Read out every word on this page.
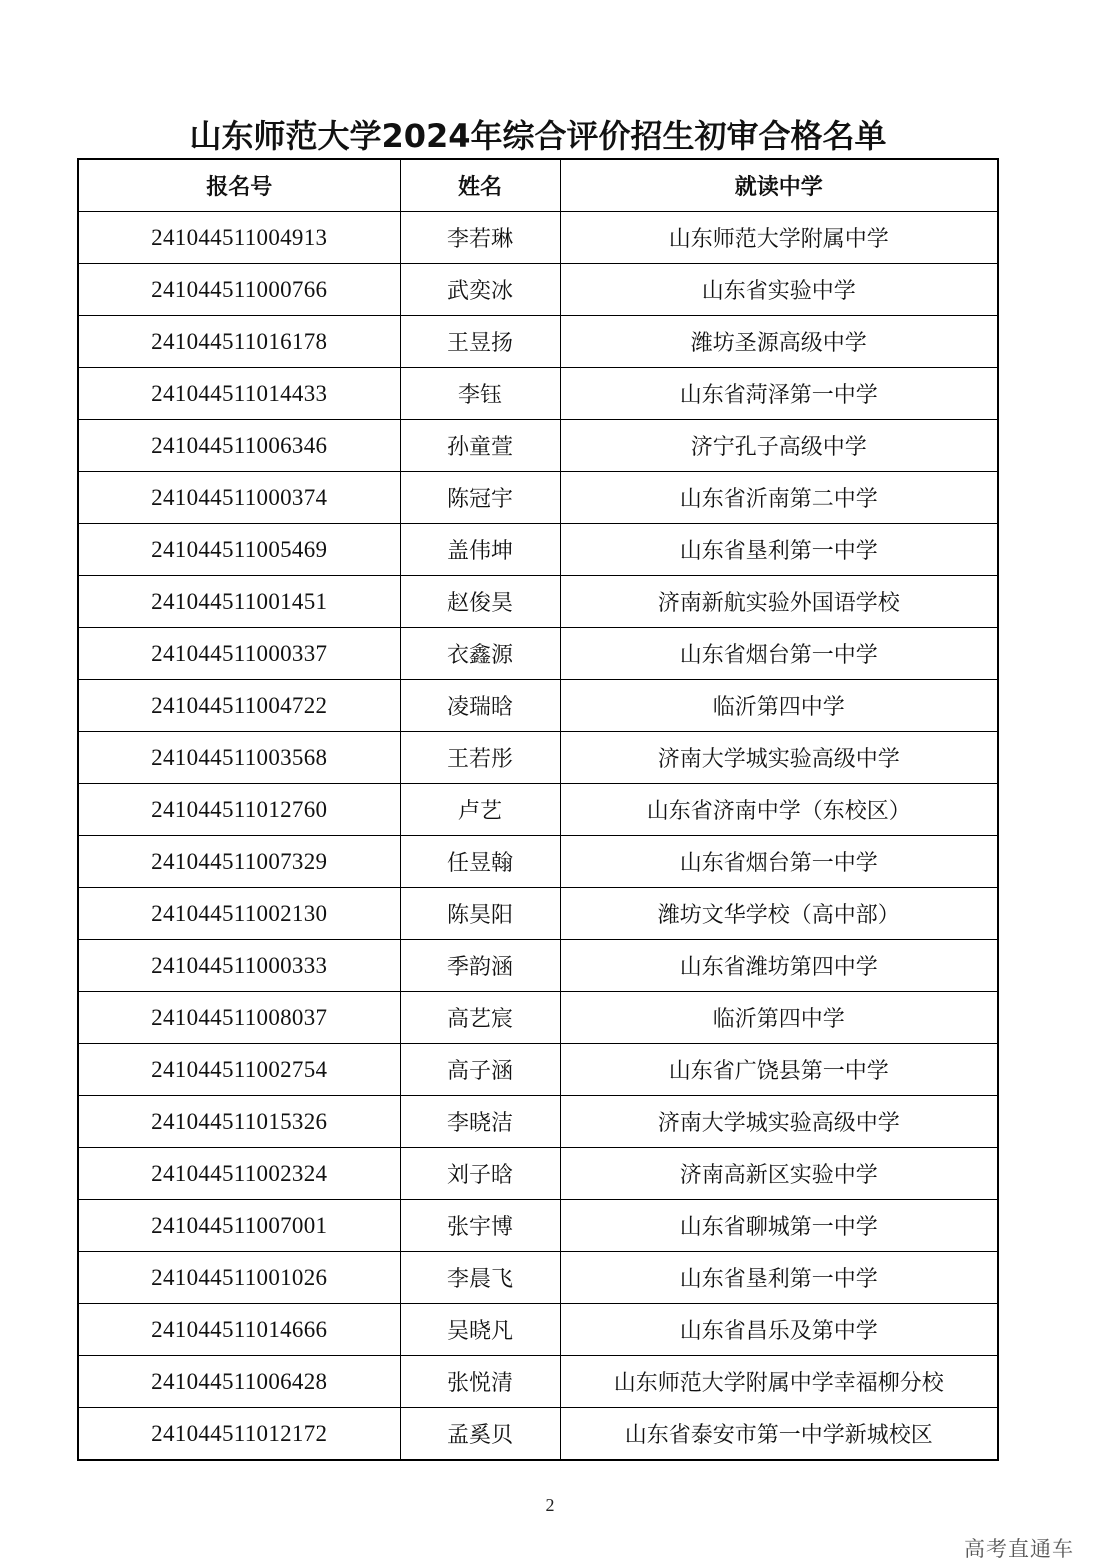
山东师范大学2024年综合评价招生初审合格名单
报名号	姓名	就读中学
241044511004913	李若琳	山东师范大学附属中学
241044511000766	武奕冰	山东省实验中学
241044511016178	王昱扬	潍坊圣源高级中学
241044511014433	李钰	山东省菏泽第一中学
241044511006346	孙童萱	济宁孔子高级中学
241044511000374	陈冠宇	山东省沂南第二中学
241044511005469	盖伟坤	山东省垦利第一中学
241044511001451	赵俊昊	济南新航实验外国语学校
241044511000337	衣鑫源	山东省烟台第一中学
241044511004722	凌瑞晗	临沂第四中学
241044511003568	王若彤	济南大学城实验高级中学
241044511012760	卢艺	山东省济南中学（东校区）
241044511007329	任昱翰	山东省烟台第一中学
241044511002130	陈昊阳	潍坊文华学校（高中部）
241044511000333	季韵涵	山东省潍坊第四中学
241044511008037	高艺宸	临沂第四中学
241044511002754	高子涵	山东省广饶县第一中学
241044511015326	李晓洁	济南大学城实验高级中学
241044511002324	刘子晗	济南高新区实验中学
241044511007001	张宇博	山东省聊城第一中学
241044511001026	李晨飞	山东省垦利第一中学
241044511014666	吴晓凡	山东省昌乐及第中学
241044511006428	张悦清	山东师范大学附属中学幸福柳分校
241044511012172	孟奚贝	山东省泰安市第一中学新城校区
2
高考直通车
